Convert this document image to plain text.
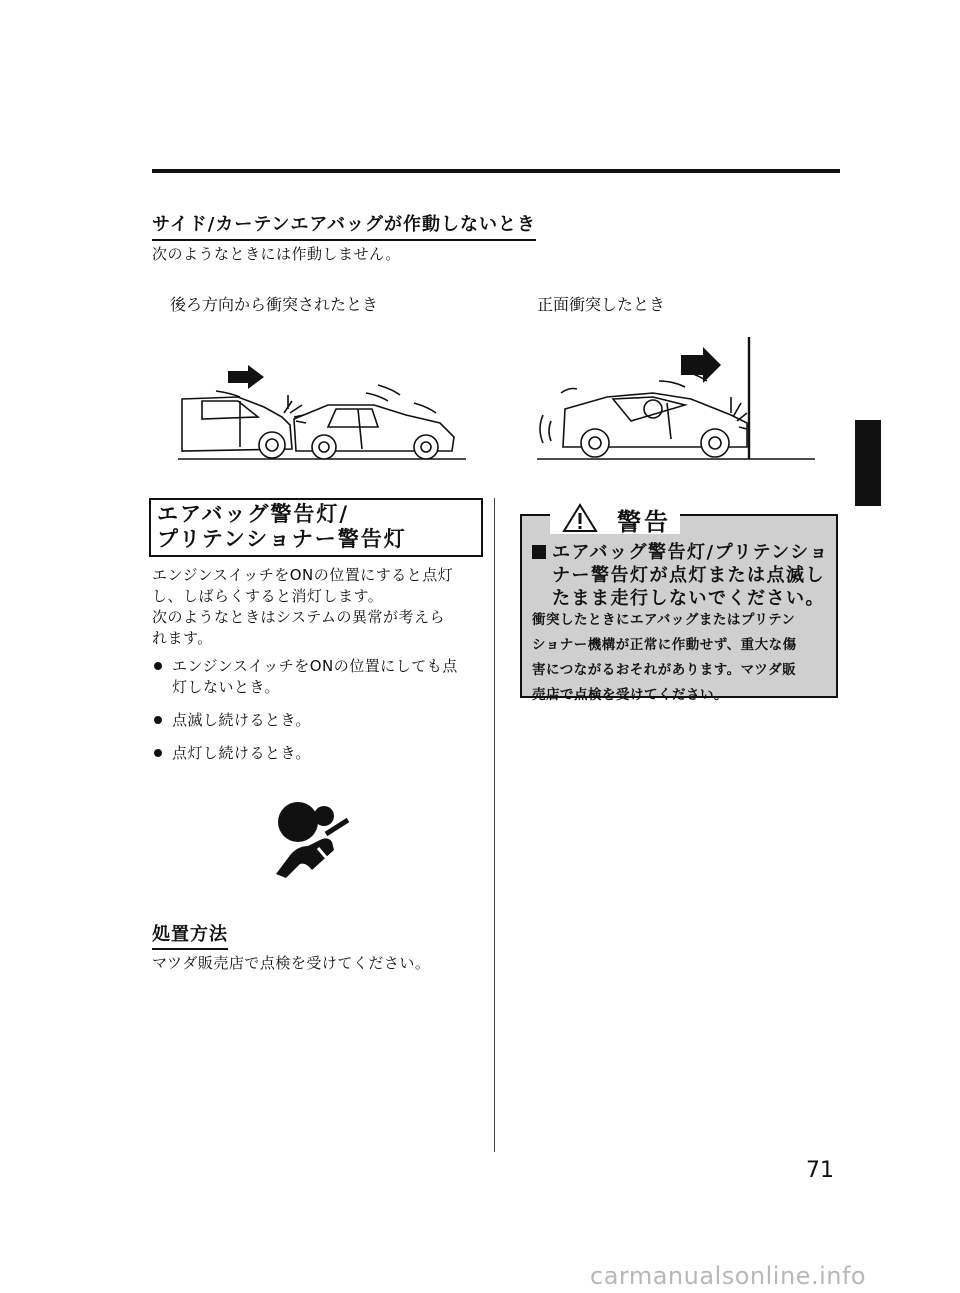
サイド/カーテンエアバッグが作動しないとき
次のようなときには作動しません。
後ろ方向から衝突されたとき	正面衝突したとき
エアバッグ警告灯/
プリテンショナー警告灯

エンジンスイッチをONの位置にすると点灯

し、しばらくすると消灯します。

次のようなときはシステムの異常が考えら

れます。

エンジンスイッチをONの位置にしても点
灯しないとき。
点滅し続けるとき。
点灯し続けるとき。
処置方法
マツダ販売店で点検を受けてください。
警告
エアバッグ警告灯/プリテンショ
ナー警告灯が点灯または点滅し
たまま走行しないでください。
衝突したときにエアバッグまたはプリテン
ショナー機構が正常に作動せず、重大な傷
害につながるおそれがあります。マツダ販
売店で点検を受けてください。
71
carmanualsonline.info
